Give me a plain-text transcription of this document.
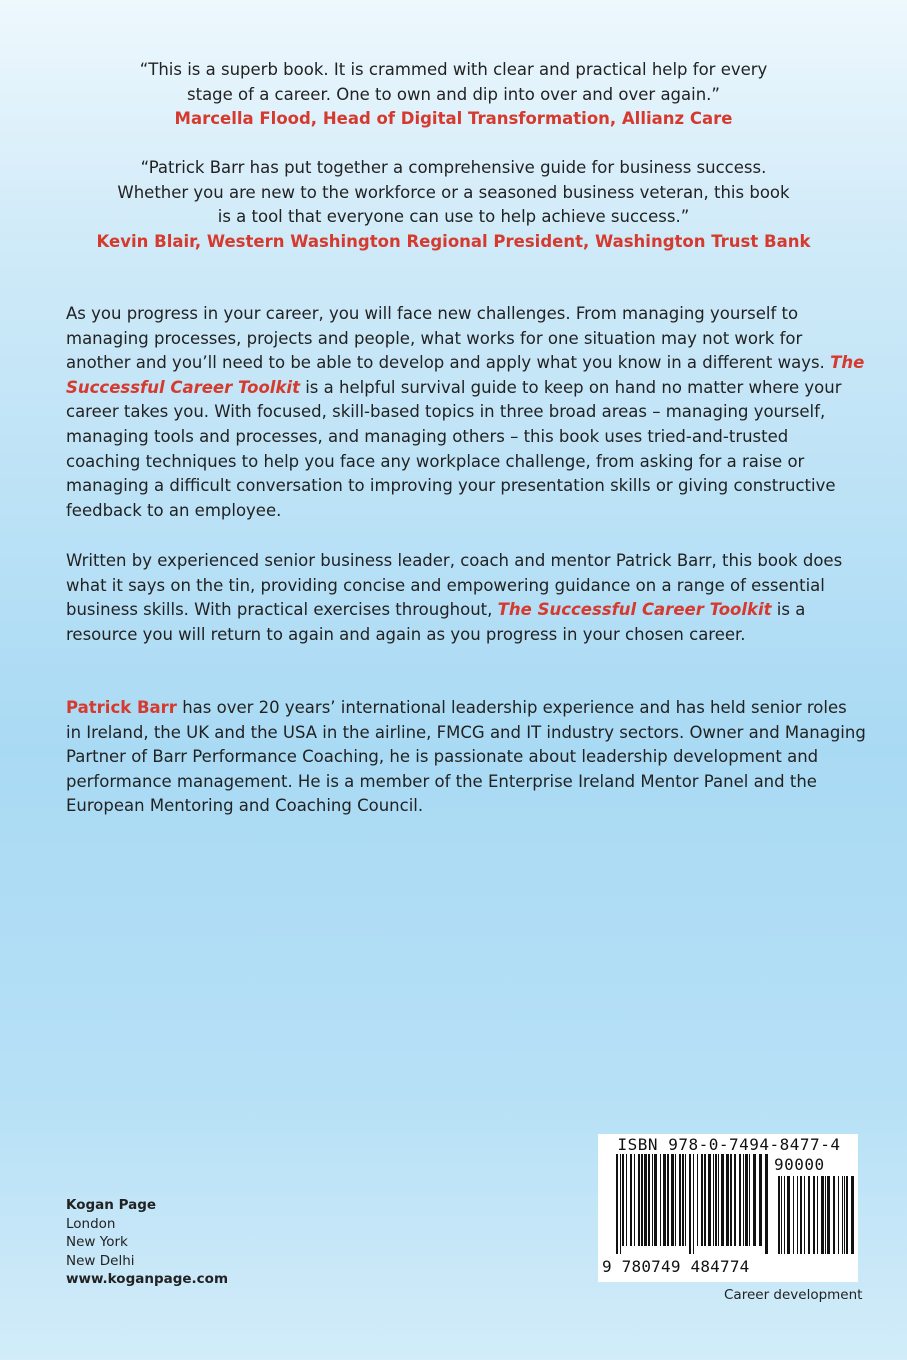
“This is a superb book. It is crammed with clear and practical help for every
stage of a career. One to own and dip into over and over again.”
Marcella Flood, Head of Digital Transformation, Allianz Care
“Patrick Barr has put together a comprehensive guide for business success.
Whether you are new to the workforce or a seasoned business veteran, this book
is a tool that everyone can use to help achieve success.”
Kevin Blair, Western Washington Regional President, Washington Trust Bank

As you progress in your career, you will face new challenges. From managing yourself to managing processes, projects and people, what works for one situation may not work for another and you’ll need to be able to develop and apply what you know in a different ways. The Successful Career Toolkit is a helpful survival guide to keep on hand no matter where your career takes you. With focused, skill-based topics in three broad areas – managing yourself, managing tools and processes, and managing others – this book uses tried-and-trusted coaching techniques to help you face any workplace challenge, from asking for a raise or managing a difficult conversation to improving your presentation skills or giving constructive feedback to an employee.

Written by experienced senior business leader, coach and mentor Patrick Barr, this book does what it says on the tin, providing concise and empowering guidance on a range of essential business skills. With practical exercises throughout, The Successful Career Toolkit is a resource you will return to again and again as you progress in your chosen career.

Patrick Barr has over 20 years’ international leadership experience and has held senior roles in Ireland, the UK and the USA in the airline, FMCG and IT industry sectors. Owner and Managing Partner of Barr Performance Coaching, he is passionate about leadership development and performance management. He is a member of the Enterprise Ireland Mentor Panel and the European Mentoring and Coaching Council.

Kogan Page
London
New York
New Delhi
www.koganpage.com
ISBN 978-0-7494-8477-4
90000
9 780749 484774
Career development
